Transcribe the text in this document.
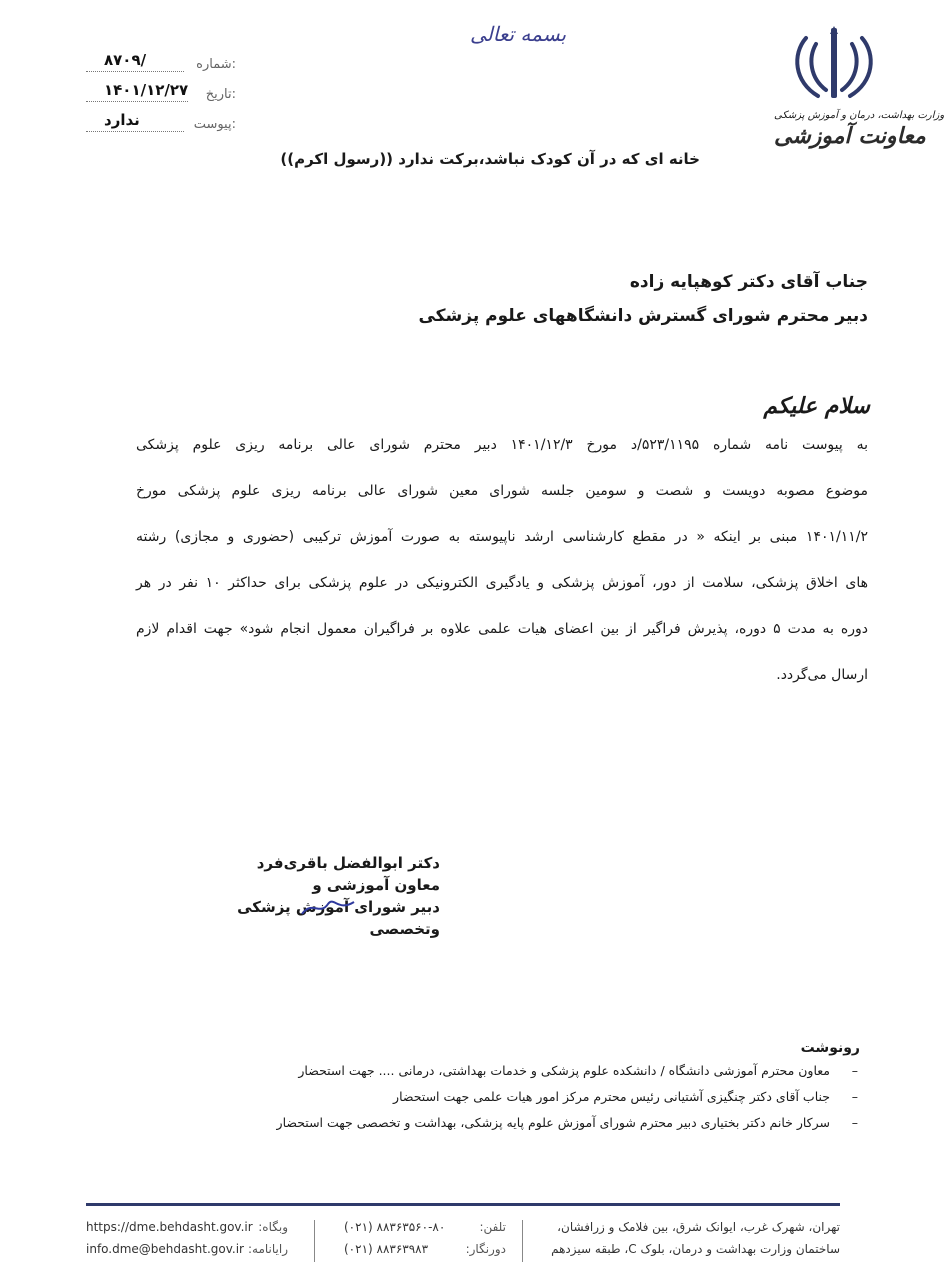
وزارت بهداشت، درمان و آموزش پزشکی
معاونت آموزشی
بسمه تعالی
شماره:
۸۷۰۹/
تاریخ:
۱۴۰۱/۱۲/۲۷
پیوست:
ندارد
خانه ای که در آن کودک نباشد،برکت ندارد ((رسول اکرم))
جناب آقای دکتر کوهپایه زاده
دبیر محترم شورای گسترش دانشگاههای علوم پزشکی
سلام علیکم
به پیوست نامه شماره ۵۲۳/۱۱۹۵/د مورخ ۱۴۰۱/۱۲/۳ دبیر محترم شورای عالی برنامه ریزی علوم پزشکی
موضوع مصوبه دویست و شصت و سومین جلسه شورای معین شورای عالی برنامه ریزی علوم پزشکی مورخ
۱۴۰۱/۱۱/۲ مبنی بر اینکه « در مقطع کارشناسی ارشد ناپیوسته به صورت آموزش ترکیبی (حضوری و مجازی) رشته
های اخلاق پزشکی، سلامت از دور، آموزش پزشکی و یادگیری الکترونیکی در علوم پزشکی برای حداکثر ۱۰ نفر در هر
دوره به مدت ۵ دوره، پذیرش فراگیر از بین اعضای هیات علمی علاوه بر فراگیران معمول انجام شود» جهت اقدام لازم
ارسال می‌گردد.
دکتر ابوالفضل باقری‌فرد
معاون آموزشی و
دبیر شورای آموزش پزشکی وتخصصی
رونوشت
–
معاون محترم آموزشی دانشگاه / دانشکده علوم پزشکی و خدمات بهداشتی، درمانی .... جهت استحضار
–
جناب آقای دکتر چنگیزی آشتیانی رئیس محترم مرکز امور هیات علمی جهت استحضار
–
سرکار خانم دکتر بختیاری دبیر محترم شورای آموزش علوم پایه پزشکی، بهداشت و تخصصی جهت استحضار
تهران، شهرک غرب، ایوانک شرق، بین فلامک و زرافشان،
ساختمان وزارت بهداشت و درمان، بلوک C، طبقه سیزدهم
تلفن:
(۰۲۱) ۸۸۳۶۳۵۶۰-۸۰
دورنگار:
(۰۲۱) ۸۸۳۶۳۹۸۳
وبگاه:
https://dme.behdasht.gov.ir
رایانامه:
info.dme@behdasht.gov.ir
